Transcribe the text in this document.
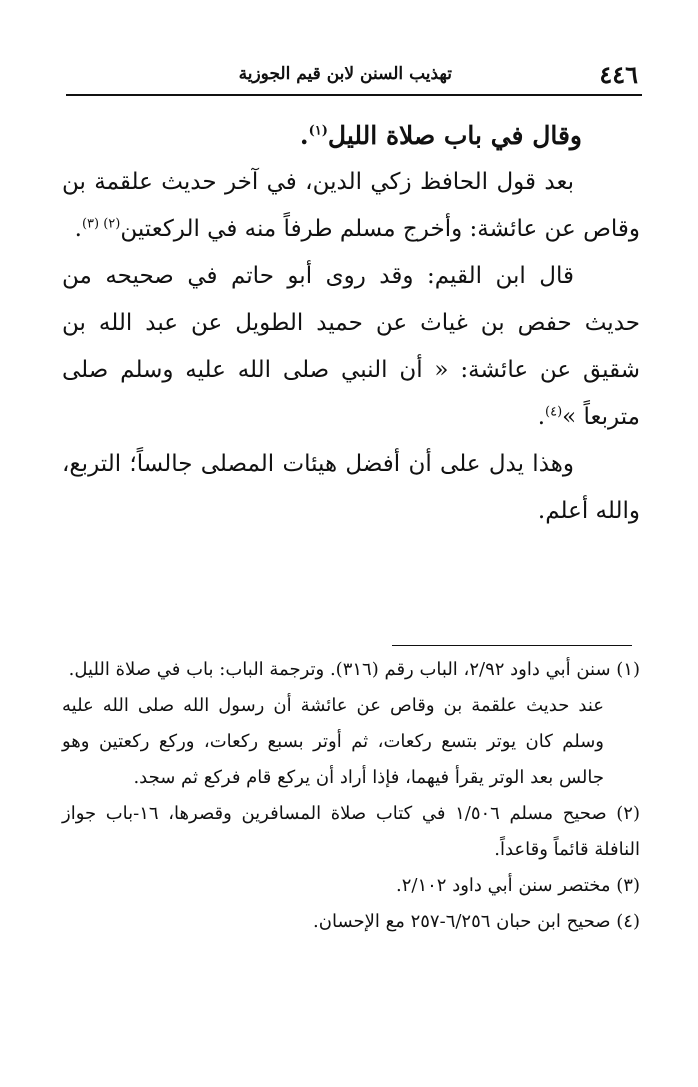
٤٤٦
تهذيب السنن لابن قيم الجوزية

وقال في باب صلاة الليل$^{(١)}$.

بعد قول الحافظ زكي الدين، في آخر حديث علقمة بن وقاص عن عائشة: وأخرج مسلم طرفاً منه في الركعتين$^{(٢) (٣)}$.

قال ابن القيم: وقد روى أبو حاتم في صحيحه من حديث حفص بن غياث عن حميد الطويل عن عبد الله بن شقيق عن عائشة: « أن النبي صلى الله عليه وسلم صلى متربعاً »$^{(٤)}$.

وهذا يدل على أن أفضل هيئات المصلى جالساً؛ التربع، والله أعلم.

(١) سنن أبي داود ٢/٩٢، الباب رقم (٣١٦). وترجمة الباب: باب في صلاة الليل.

عند حديث علقمة بن وقاص عن عائشة أن رسول الله صلى الله عليه وسلم كان يوتر بتسع ركعات، ثم أوتر بسبع ركعات، وركع ركعتين وهو جالس بعد الوتر يقرأ فيهما، فإذا أراد أن يركع قام فركع ثم سجد.

(٢) صحيح مسلم ١/٥٠٦ في كتاب صلاة المسافرين وقصرها، ١٦-باب جواز النافلة قائماً وقاعداً.

(٣) مختصر سنن أبي داود ٢/١٠٢.

(٤) صحيح ابن حبان ٦/٢٥٦-٢٥٧ مع الإحسان.
